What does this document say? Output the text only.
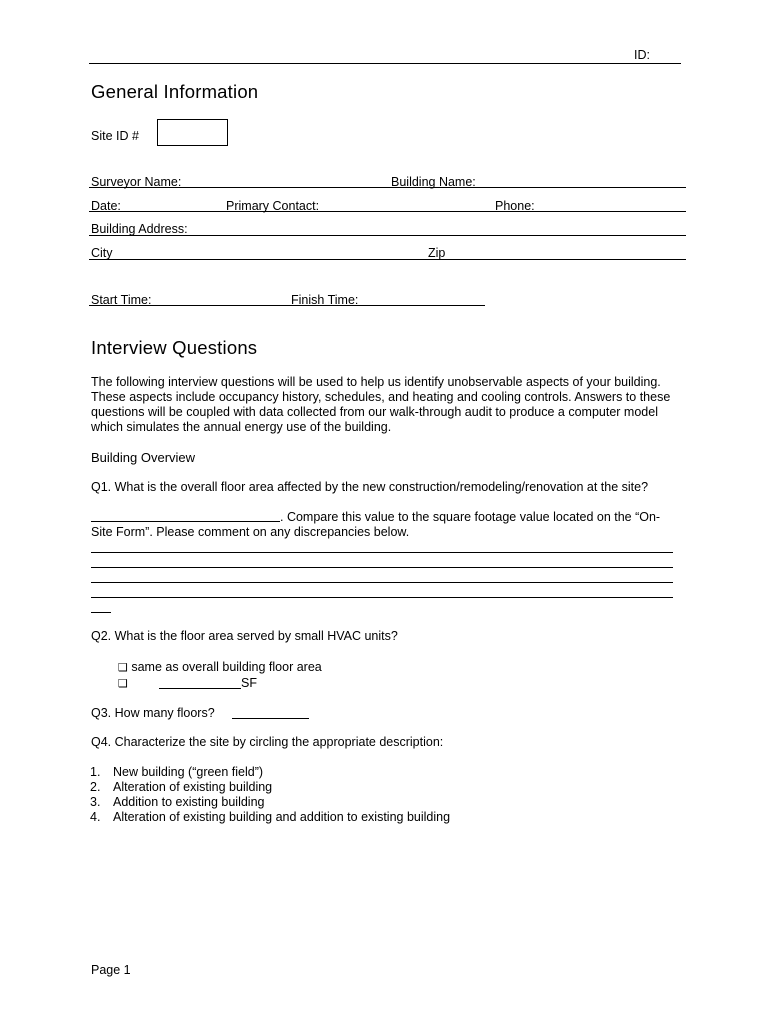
ID:
General Information
Site ID #
Surveyor Name:	Building Name:
Date:	Primary Contact:	Phone:
Building Address:
City	Zip
Start Time:	Finish Time:
Interview Questions
The following interview questions will be used to help us identify unobservable aspects of your building. These aspects include occupancy history, schedules, and heating and cooling controls. Answers to these questions will be coupled with data collected from our walk-through audit to produce a computer model which simulates the annual energy use of the building.
Building Overview
Q1. What is the overall floor area affected by the new construction/remodeling/renovation at the site?
. Compare this value to the square footage value located on the “On-Site Form”. Please comment on any discrepancies below.
Q2. What is the floor area served by small HVAC units?
❑ same as overall building floor area
❑	SF
Q3. How many floors?
Q4. Characterize the site by circling the appropriate description:
1. New building (“green field”)
2. Alteration of existing building
3. Addition to existing building
4. Alteration of existing building and addition to existing building
Page 1
